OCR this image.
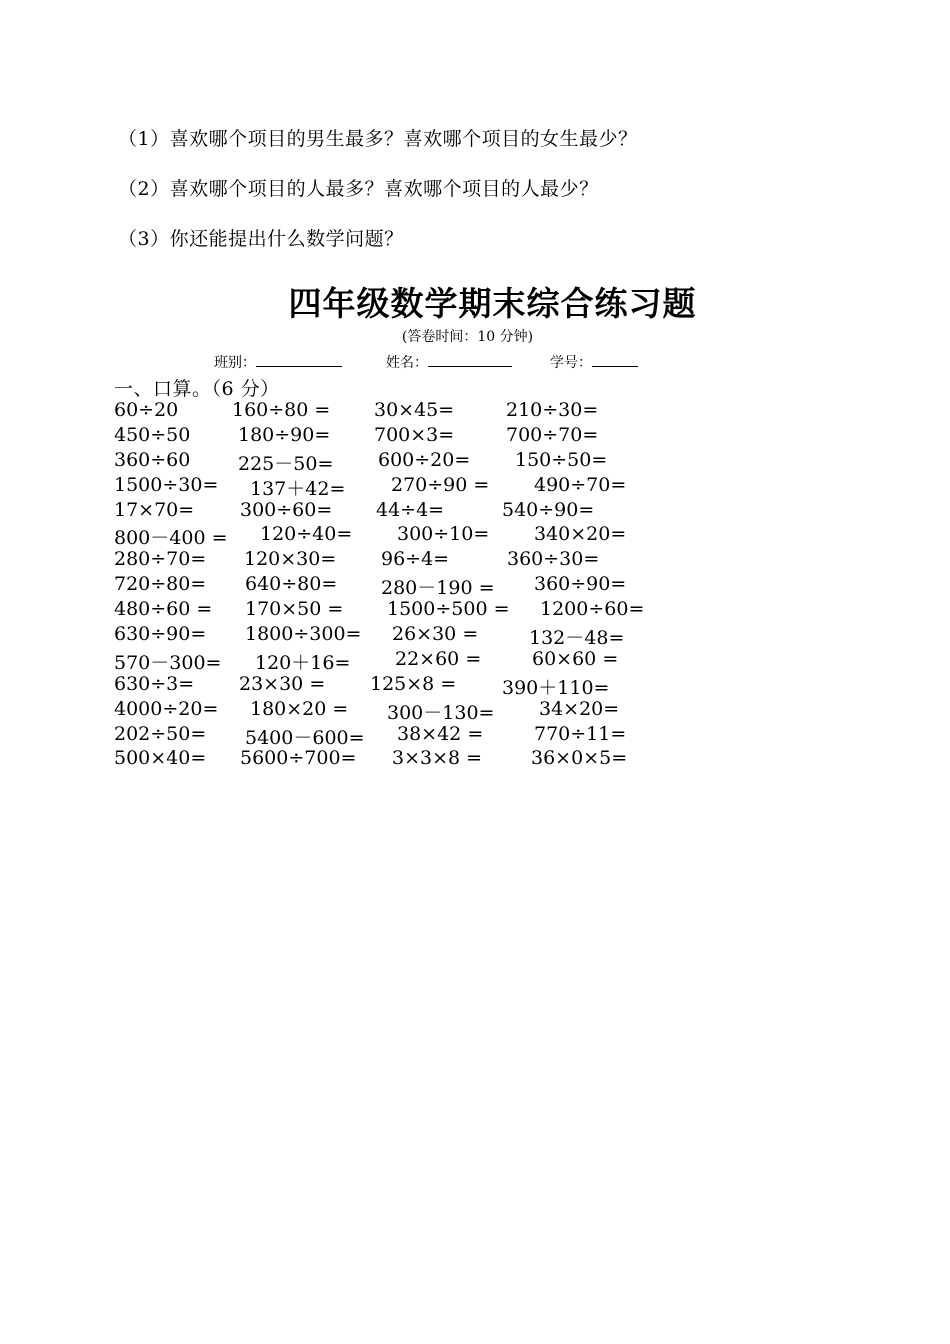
（1）喜欢哪个项目的男生最多？喜欢哪个项目的女生最少？
（2）喜欢哪个项目的人最多？喜欢哪个项目的人最少？
（3）你还能提出什么数学问题？
四年级数学期末综合练习题
(答卷时间：10 分钟)
班别：	姓名：	学号：
一、口算。（6 分）
60÷20	160÷80 = 30×45=	210÷30=
450÷50	180÷90= 700×3=	700÷70=
360÷60	225－50= 600÷20= 150÷50=
1500÷30= 137＋42= 270÷90 = 490÷70=
17×70= 300÷60= 44÷4=	540÷90=
800－400 = 120÷40= 300÷10= 340×20=
280÷70= 120×30= 96÷4=	360÷30=
720÷80= 640÷80= 280－190 = 360÷90=
480÷60 = 170×50 = 1500÷500 = 1200÷60=
630÷90= 1800÷300= 26×30 =	132－48=
570－300= 120＋16= 22×60 =	60×60 =
630÷3= 23×30 = 125×8 = 390＋110=
4000÷20= 180×20 = 300－130= 34×20=
202÷50= 5400－600= 38×42 =	770÷11=
500×40= 5600÷700= 3×3×8 =	36×0×5=
